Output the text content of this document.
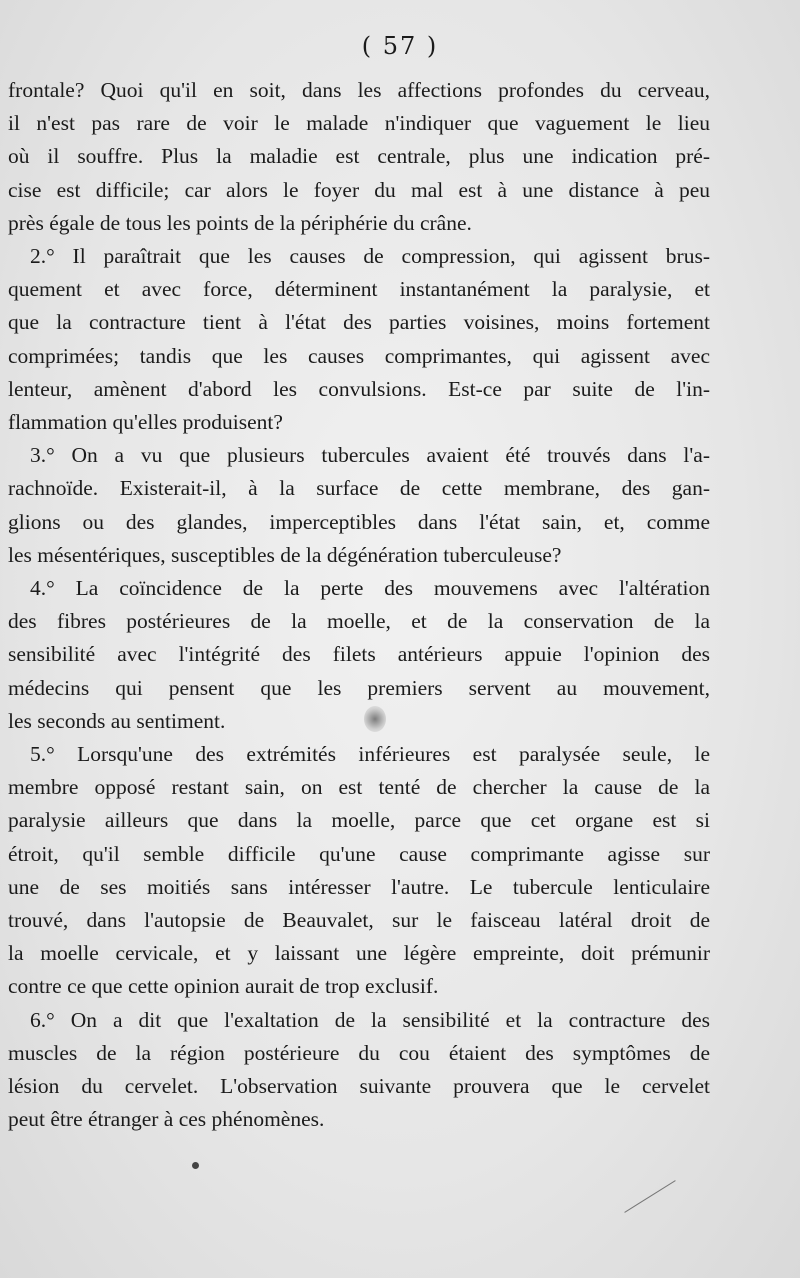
( 57 )
frontale? Quoi qu'il en soit, dans les affections profondes du cerveau,
il n'est pas rare de voir le malade n'indiquer que vaguement le lieu
où il souffre. Plus la maladie est centrale, plus une indication pré-
cise est difficile; car alors le foyer du mal est à une distance à peu
près égale de tous les points de la périphérie du crâne.
2.° Il paraîtrait que les causes de compression, qui agissent brus-
quement et avec force, déterminent instantanément la paralysie, et
que la contracture tient à l'état des parties voisines, moins fortement
comprimées; tandis que les causes comprimantes, qui agissent avec
lenteur, amènent d'abord les convulsions. Est-ce par suite de l'in-
flammation qu'elles produisent?
3.° On a vu que plusieurs tubercules avaient été trouvés dans l'a-
rachnoïde. Existerait-il, à la surface de cette membrane, des gan-
glions ou des glandes, imperceptibles dans l'état sain, et, comme
les mésentériques, susceptibles de la dégénération tuberculeuse?
4.° La coïncidence de la perte des mouvemens avec l'altération
des fibres postérieures de la moelle, et de la conservation de la
sensibilité avec l'intégrité des filets antérieurs appuie l'opinion des
médecins qui pensent que les premiers servent au mouvement,
les seconds au sentiment.
5.° Lorsqu'une des extrémités inférieures est paralysée seule, le
membre opposé restant sain, on est tenté de chercher la cause de la
paralysie ailleurs que dans la moelle, parce que cet organe est si
étroit, qu'il semble difficile qu'une cause comprimante agisse sur
une de ses moitiés sans intéresser l'autre. Le tubercule lenticulaire
trouvé, dans l'autopsie de Beauvalet, sur le faisceau latéral droit de
la moelle cervicale, et y laissant une légère empreinte, doit prémunir
contre ce que cette opinion aurait de trop exclusif.
6.° On a dit que l'exaltation de la sensibilité et la contracture des
muscles de la région postérieure du cou étaient des symptômes de
lésion du cervelet. L'observation suivante prouvera que le cervelet
peut être étranger à ces phénomènes.
